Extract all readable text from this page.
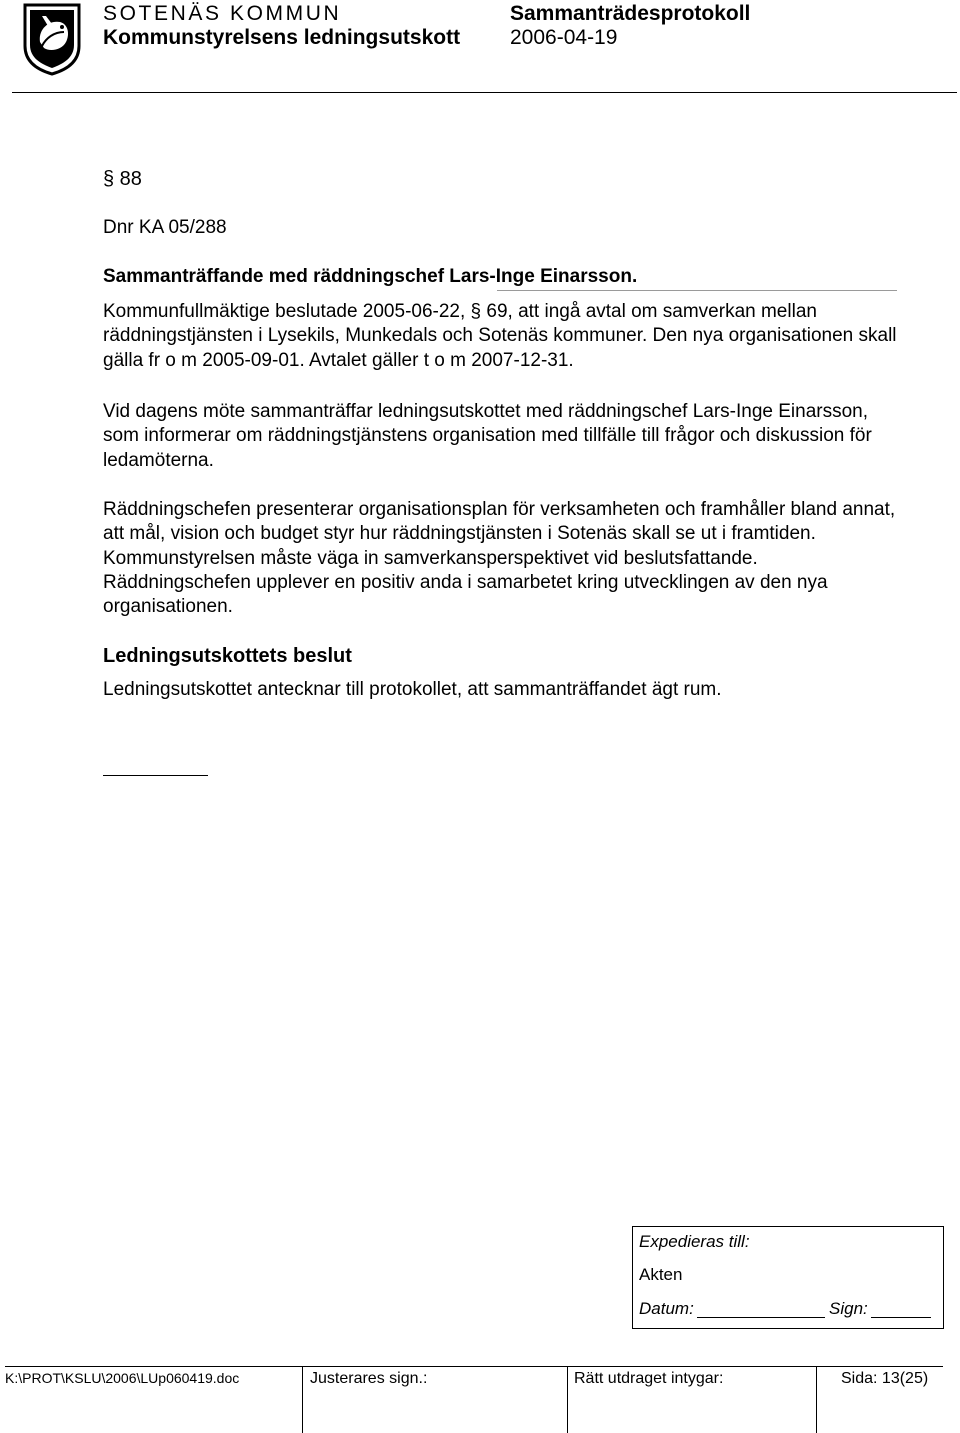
SOTENÄS KOMMUN
Kommunstyrelsens ledningsutskott
Sammanträdesprotokoll
2006-04-19
§ 88
Dnr KA 05/288
Sammanträffande med räddningschef Lars-Inge Einarsson.

Kommunfullmäktige beslutade 2005-06-22, § 69, att ingå avtal om samverkan mellan räddningstjänsten i Lysekils, Munkedals och Sotenäs kommuner. Den nya organisationen skall gälla fr o m 2005-09-01. Avtalet gäller t o m 2007-12-31.

Vid dagens möte sammanträffar ledningsutskottet med räddningschef Lars-Inge Einarsson, som informerar om räddningstjänstens organisation med tillfälle till frågor och diskussion för ledamöterna.

Räddningschefen presenterar organisationsplan för verksamheten och framhåller bland annat, att mål, vision och budget styr hur räddningstjänsten i Sotenäs skall se ut i framtiden. Kommunstyrelsen måste väga in samverkansperspektivet vid beslutsfattande. Räddningschefen upplever en positiv anda i samarbetet kring utvecklingen av den nya organisationen.

Ledningsutskottets beslut
Ledningsutskottet antecknar till protokollet, att sammanträffandet ägt rum.
Expedieras till:
Akten
Datum:	Sign:
K:\PROT\KSLU\2006\LUp060419.doc	Justerares sign.:	Rätt utdraget intygar:	Sida: 13(25)
